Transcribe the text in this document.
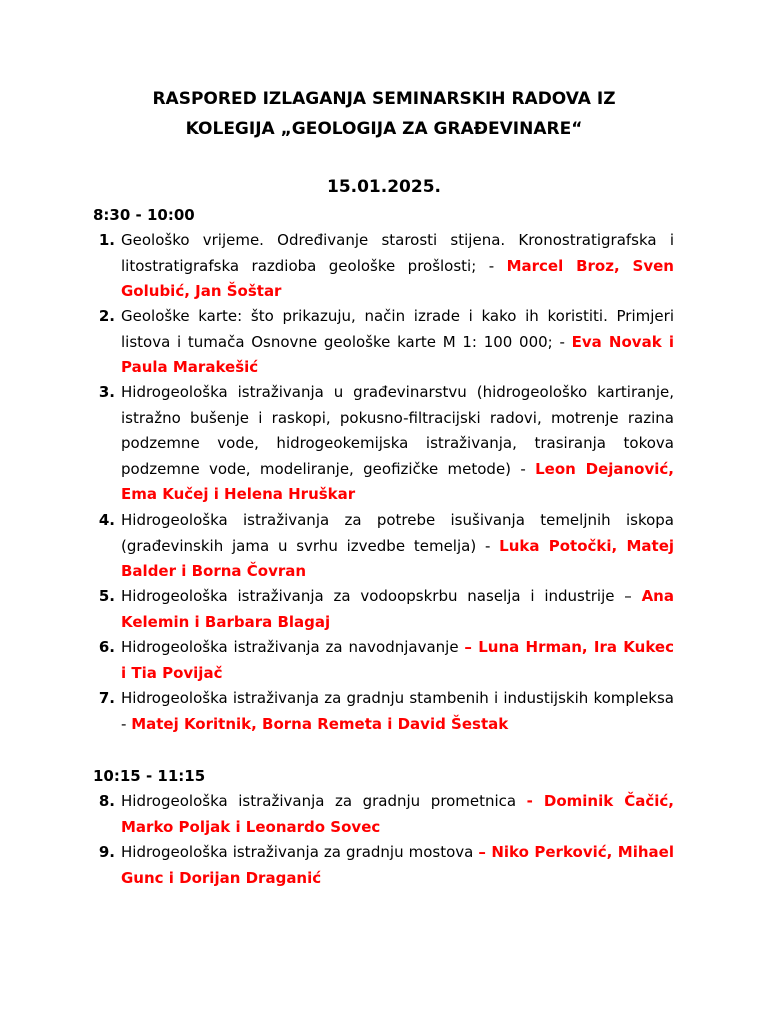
RASPORED IZLAGANJA SEMINARSKIH RADOVA IZ
KOLEGIJA „GEOLOGIJA ZA GRAĐEVINARE“
15.01.2025.
8:30 - 10:00
1. Geološko vrijeme. Određivanje starosti stijena. Kronostratigrafska i litostratigrafska razdioba geološke prošlosti; - Marcel Broz, Sven Golubić, Jan Šoštar
2. Geološke karte: što prikazuju, način izrade i kako ih koristiti. Primjeri listova i tumača Osnovne geološke karte M 1: 100 000; - Eva Novak i Paula Marakešić
3. Hidrogeološka istraživanja u građevinarstvu (hidrogeološko kartiranje, istražno bušenje i raskopi, pokusno-filtracijski radovi, motrenje razina podzemne vode, hidrogeokemijska istraživanja, trasiranja tokova podzemne vode, modeliranje, geofizičke metode) - Leon Dejanović, Ema Kučej i Helena Hruškar
4. Hidrogeološka istraživanja za potrebe isušivanja temeljnih iskopa (građevinskih jama u svrhu izvedbe temelja) - Luka Potočki, Matej Balder i Borna Čovran
5. Hidrogeološka istraživanja za vodoopskrbu naselja i industrije – Ana Kelemin i Barbara Blagaj
6. Hidrogeološka istraživanja za navodnjavanje – Luna Hrman, Ira Kukec i Tia Povijač
7. Hidrogeološka istraživanja za gradnju stambenih i industijskih kompleksa - Matej Koritnik, Borna Remeta i David Šestak
10:15 - 11:15
8. Hidrogeološka istraživanja za gradnju prometnica - Dominik Čačić, Marko Poljak i Leonardo Sovec
9. Hidrogeološka istraživanja za gradnju mostova – Niko Perković, Mihael Gunc i Dorijan Draganić
